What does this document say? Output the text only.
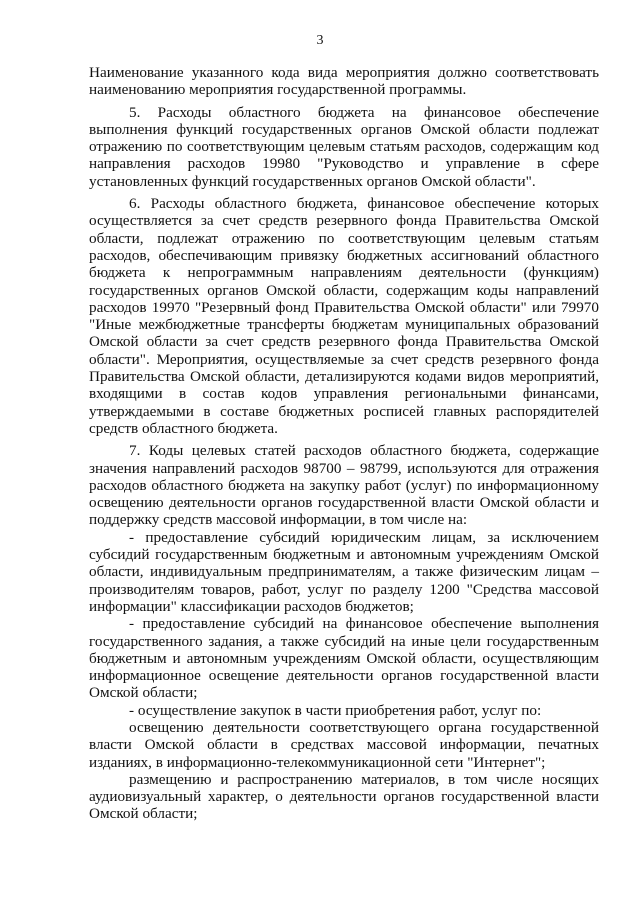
3

Наименование указанного кода вида мероприятия должно соответствовать наименованию мероприятия государственной программы.

5. Расходы областного бюджета на финансовое обеспечение выполнения функций государственных органов Омской области подлежат отражению по соответствующим целевым статьям расходов, содержащим код направления расходов 19980 "Руководство и управление в сфере установленных функций государственных органов Омской области".

6. Расходы областного бюджета, финансовое обеспечение которых осуществляется за счет средств резервного фонда Правительства Омской области, подлежат отражению по соответствующим целевым статьям расходов, обеспечивающим привязку бюджетных ассигнований областного бюджета к непрограммным направлениям деятельности (функциям) государственных органов Омской области, содержащим коды направлений расходов 19970 "Резервный фонд Правительства Омской области" или 79970 "Иные межбюджетные трансферты бюджетам муниципальных образований Омской области за счет средств резервного фонда Правительства Омской области". Мероприятия, осуществляемые за счет средств резервного фонда Правительства Омской области, детализируются кодами видов мероприятий, входящими в состав кодов управления региональными финансами, утверждаемыми в составе бюджетных росписей главных распорядителей средств областного бюджета.

7. Коды целевых статей расходов областного бюджета, содержащие значения направлений расходов 98700 – 98799, используются для отражения расходов областного бюджета на закупку работ (услуг) по информационному освещению деятельности органов государственной власти Омской области и поддержку средств массовой информации, в том числе на:

- предоставление субсидий юридическим лицам, за исключением субсидий государственным бюджетным и автономным учреждениям Омской области, индивидуальным предпринимателям, а также физическим лицам – производителям товаров, работ, услуг по разделу 1200 "Средства массовой информации" классификации расходов бюджетов;

- предоставление субсидий на финансовое обеспечение выполнения государственного задания, а также субсидий на иные цели государственным бюджетным и автономным учреждениям Омской области, осуществляющим информационное освещение деятельности органов государственной власти Омской области;

- осуществление закупок в части приобретения работ, услуг по:

освещению деятельности соответствующего органа государственной власти Омской области в средствах массовой информации, печатных изданиях, в информационно-телекоммуникационной сети "Интернет";

размещению и распространению материалов, в том числе носящих аудиовизуальный характер, о деятельности органов государственной власти Омской области;
